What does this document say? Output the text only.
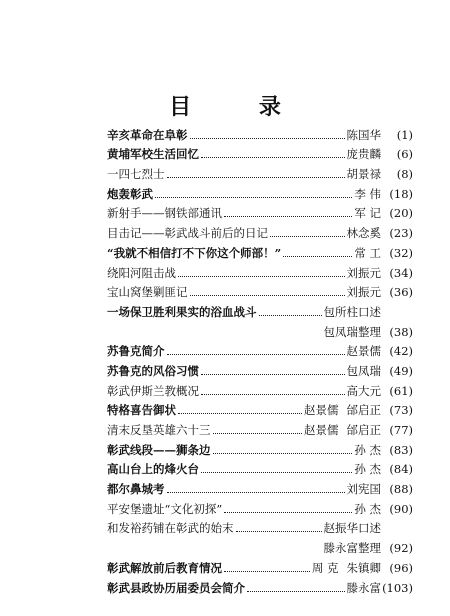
目 录
辛亥革命在阜彰	陈国华	(1)
黄埔军校生活回忆	庞贵麟	(6)
一四七烈士	胡景禄	(8)
炮轰彰武	李 伟 (18)
新射手——钢铁部通讯	军 记 (20)
目击记——彰武战斗前后的日记	林念奚 (23)
“我就不相信打不下你这个师部！”	常 工 (32)
绕阳河阻击战	刘振元 (34)
宝山窝堡剿匪记	刘振元 (36)
一场保卫胜利果实的浴血战斗	包所柱口述
包凤瑞整理 (38)
苏鲁克简介	赵景儒 (42)
苏鲁克的风俗习惯	包凤瑞 (49)
彰武伊斯兰教概况	高大元 (61)
特格喜告御状	赵景儒 邰启正 (73)
清末反垦英雄六十三	赵景儒 邰启正 (77)
彰武线段——狮条边	孙 杰 (83)
高山台上的烽火台	孙 杰 (84)
都尔鼻城考	刘宪国 (88)
平安堡遗址“文化初探”	孙 杰 (90)
和发裕药铺在彰武的始末	赵振华口述
滕永富整理 (92)
彰武解放前后教育情况	周 克 朱镇卿 (96)
彰武县政协历届委员会简介	滕永富 (103)
